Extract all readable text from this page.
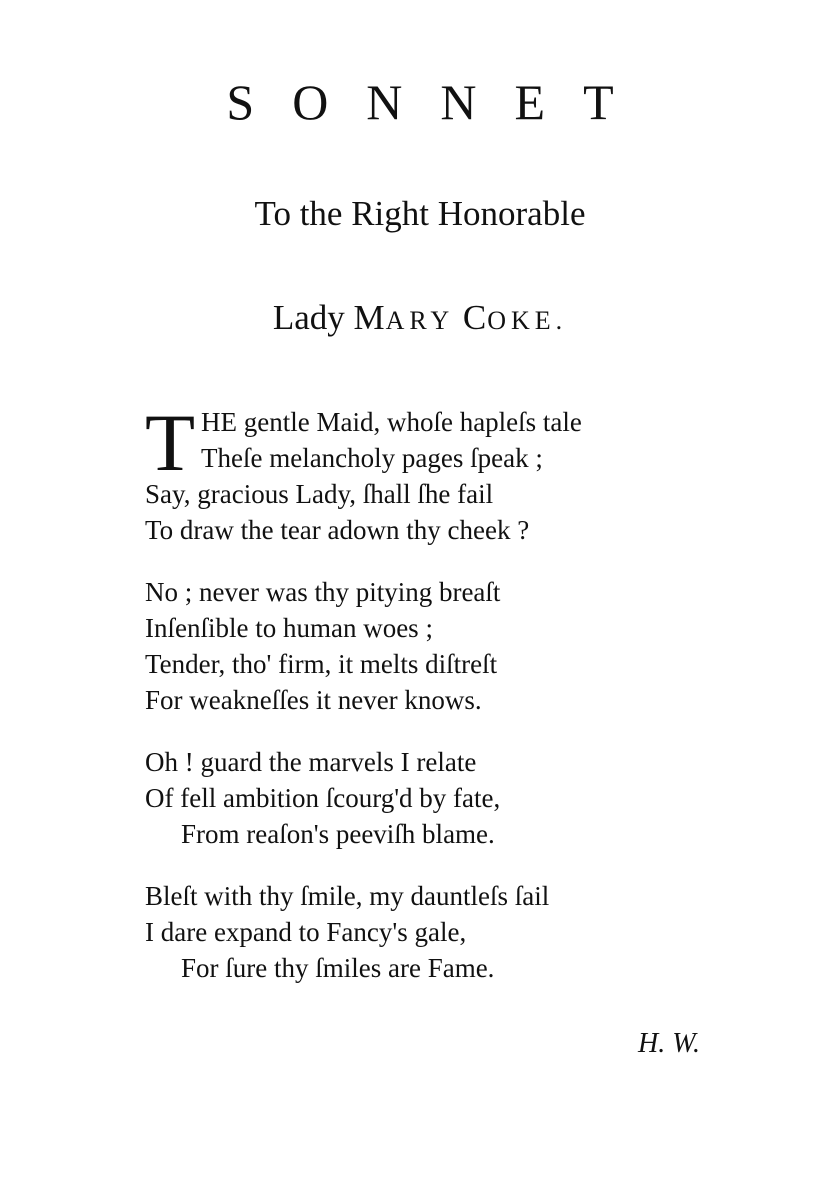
SONNET
To the Right Honorable
Lady MARY COKE.
T HE gentle Maid, whoſe hapleſs tale
Theſe melancholy pages ſpeak ;
Say, gracious Lady, ſhall ſhe fail
To draw the tear adown thy cheek ?
No ; never was thy pitying breaſt
Inſenſible to human woes ;
Tender, tho' firm, it melts diſtreſt
For weakneſſes it never knows.
Oh ! guard the marvels I relate
Of fell ambition ſcourg'd by fate,
From reaſon's peeviſh blame.
Bleſt with thy ſmile, my dauntleſs ſail
I dare expand to Fancy's gale,
For ſure thy ſmiles are Fame.
H. W.
